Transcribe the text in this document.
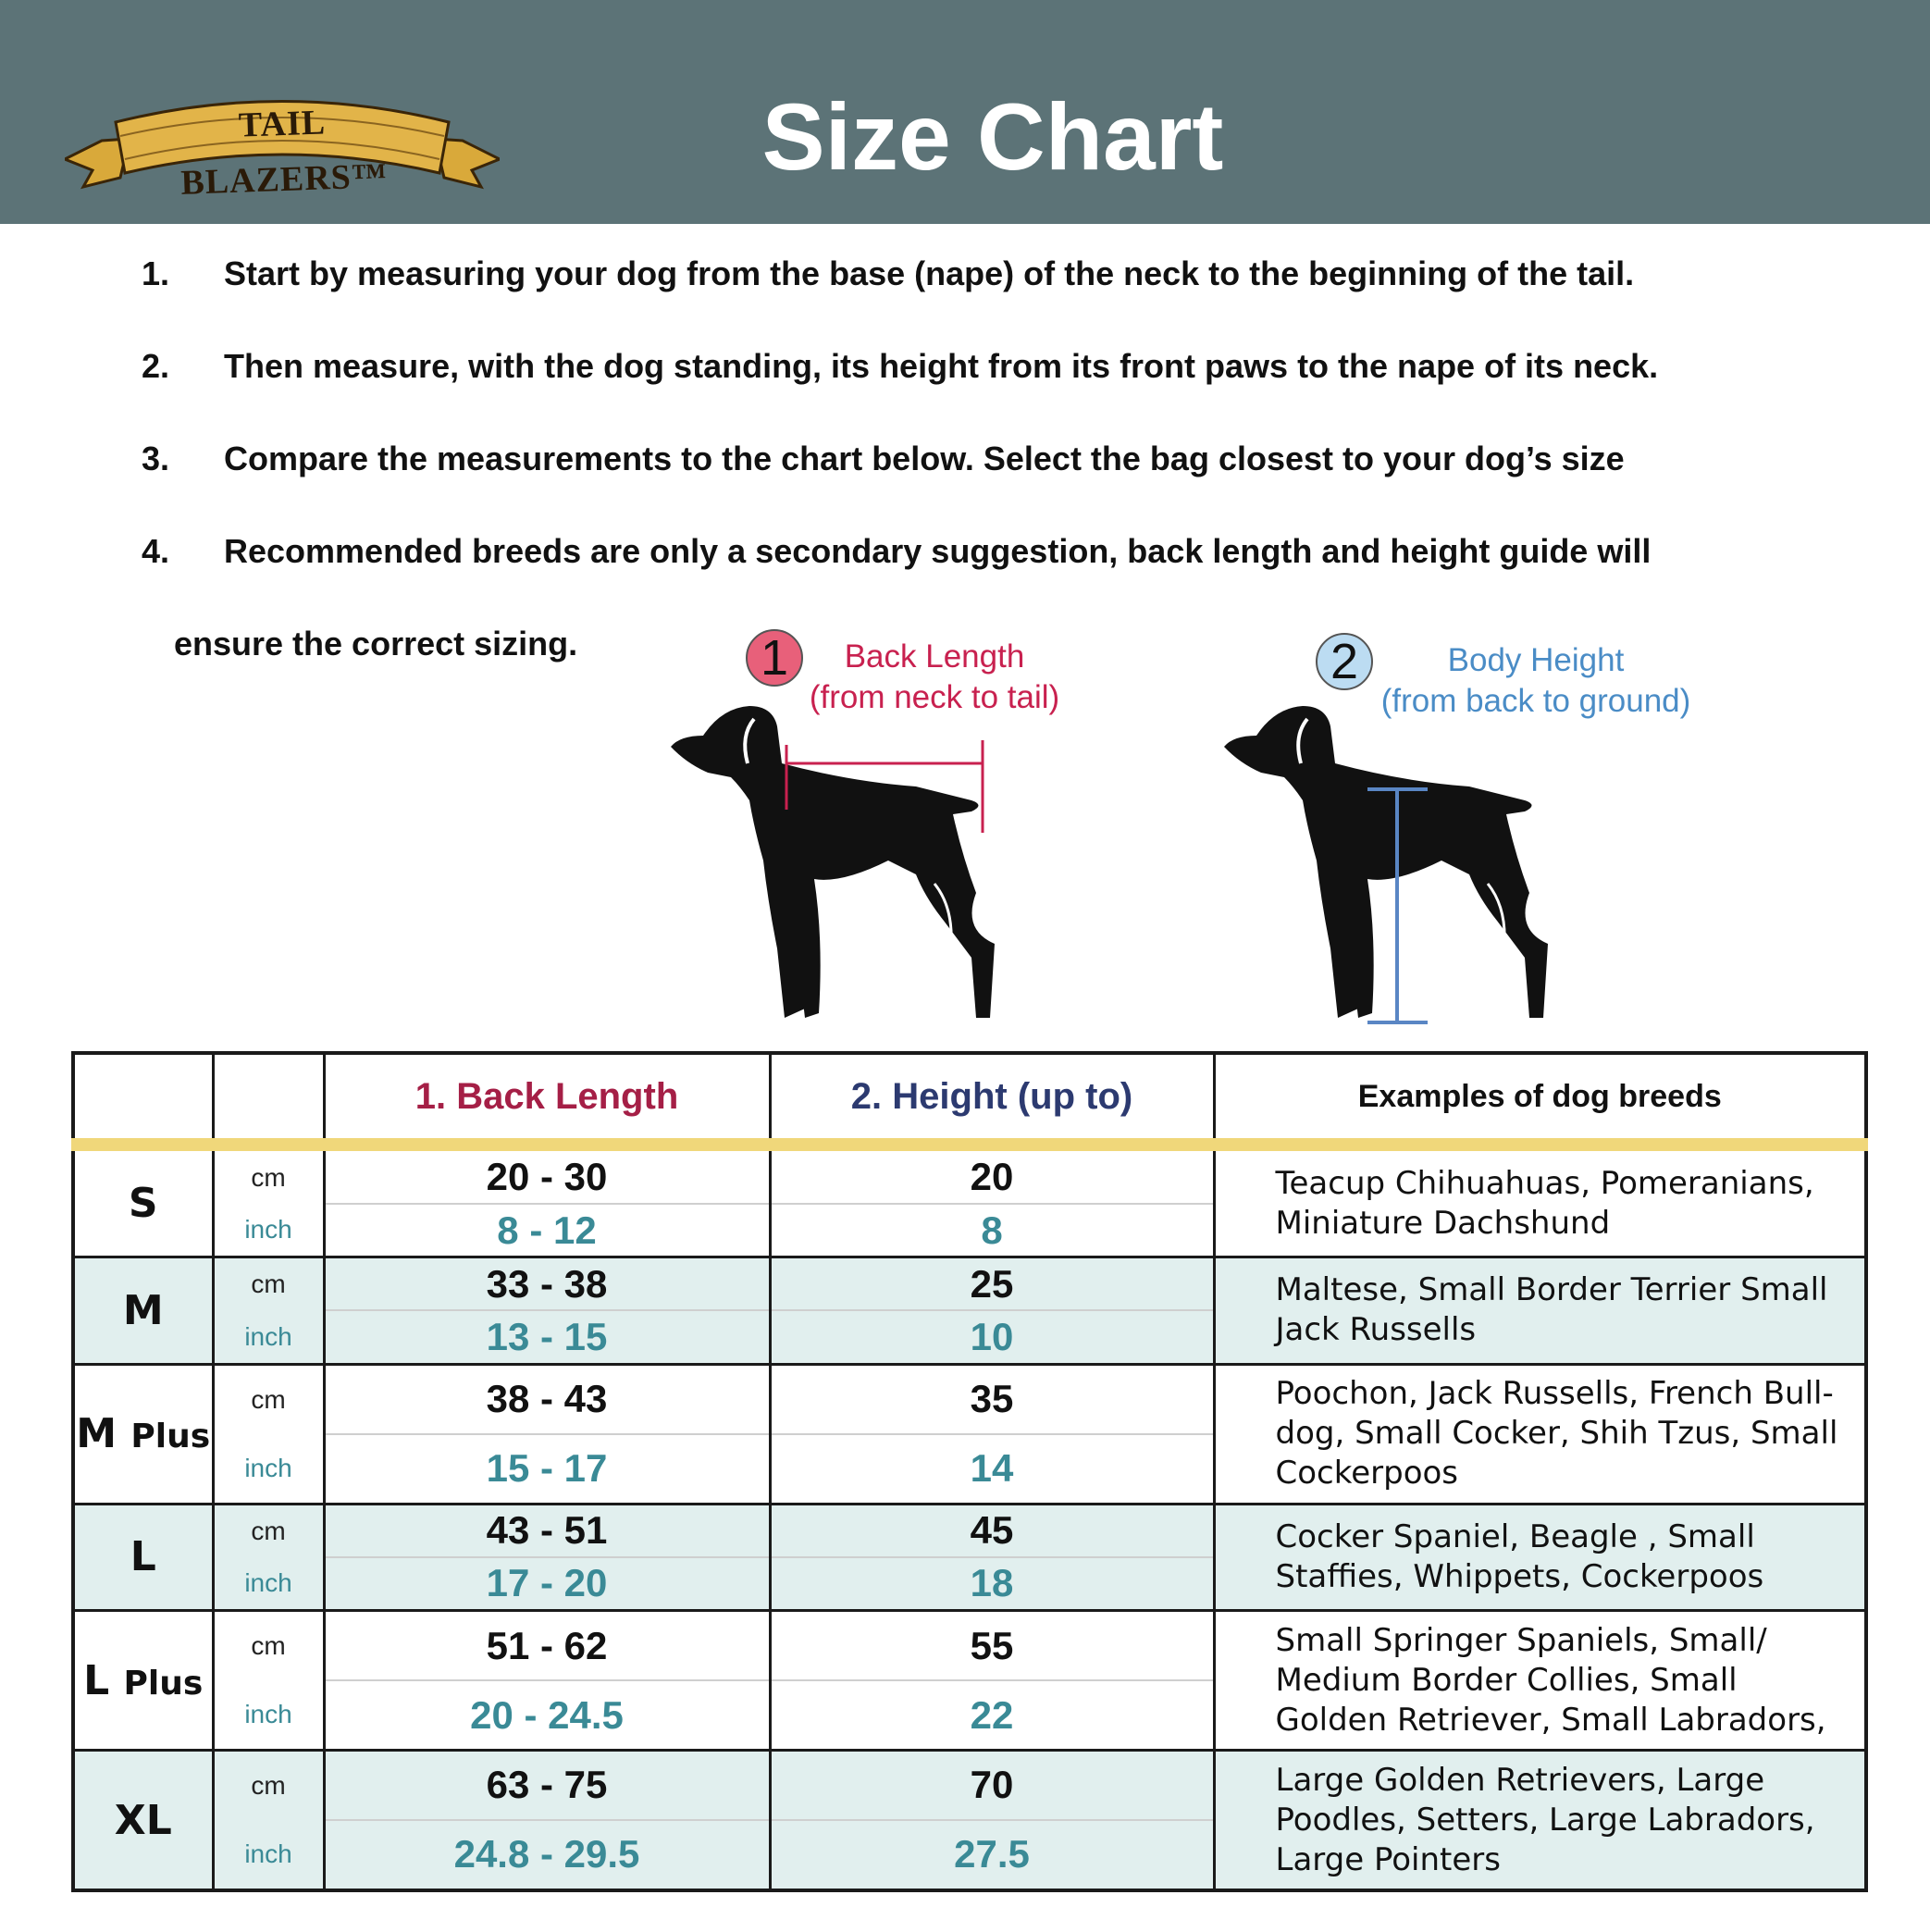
TAIL BLAZERS™	Size Chart
1. Start by measuring your dog from the base (nape) of the neck to the beginning of the tail.
2. Then measure, with the dog standing, its height from its front paws to the nape of its neck.
3. Compare the measurements to the chart below. Select the bag closest to your dog’s size
4. Recommended breeds are only a secondary suggestion, back length and height guide will
ensure the correct sizing.	1	Back Length
(from neck to tail)
2	Body Height
(from back to ground)
		1. Back Length	2. Height (up to)	Examples of dog breeds
S	cm	20 - 30	20	Teacup Chihuahuas, Pomeranians, Miniature Dachshund
	inch	8 - 12	8	
M	cm	33 - 38	25	Maltese, Small Border Terrier Small Jack Russells
	inch	13 - 15	10	
M Plus	cm	38 - 43	35	Poochon, Jack Russells, French Bull-dog, Small Cocker, Shih Tzus, Small Cockerpoos
	inch	15 - 17	14	
L	cm	43 - 51	45	Cocker Spaniel, Beagle , Small Staffies, Whippets, Cockerpoos
	inch	17 - 20	18	
L Plus	cm	51 - 62	55	Small Springer Spaniels, Small/ Medium Border Collies, Small Golden Retriever, Small Labradors,
	inch	20 - 24.5	22	
XL	cm	63 - 75	70	Large Golden Retrievers, Large Poodles, Setters, Large Labradors, Large Pointers
	inch	24.8 - 29.5	27.5	
